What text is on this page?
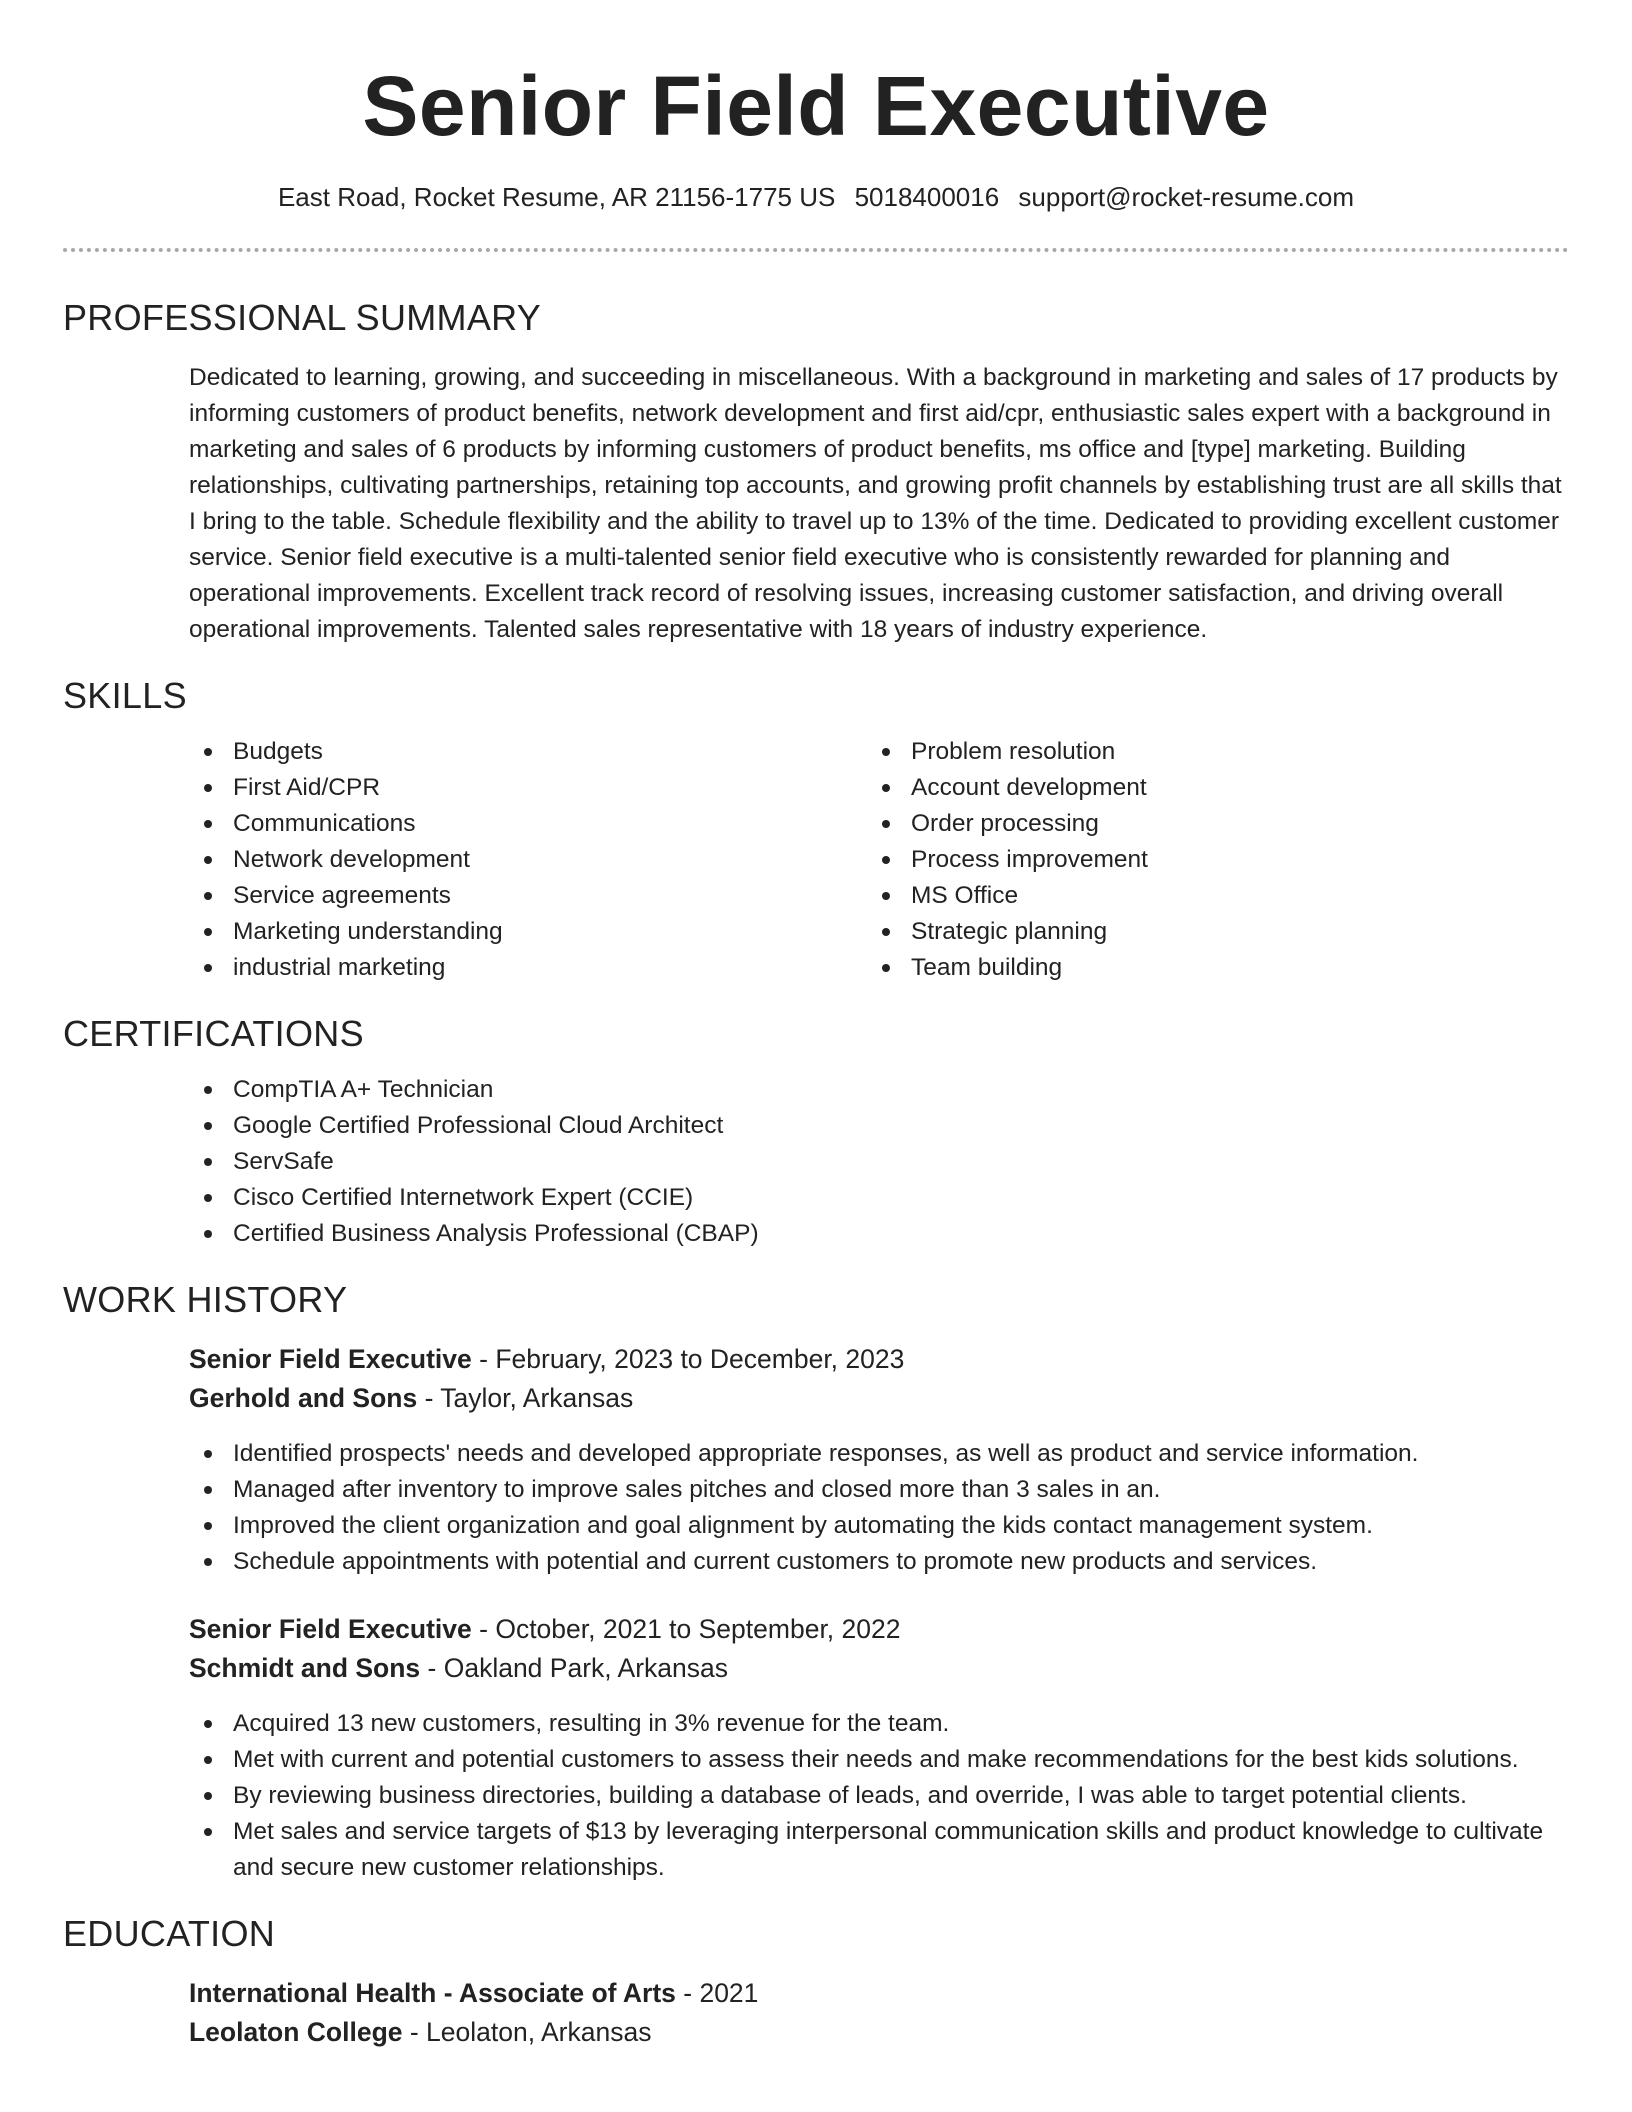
Senior Field Executive
East Road, Rocket Resume, AR 21156-1775 US 5018400016 support@rocket-resume.com
PROFESSIONAL SUMMARY
Dedicated to learning, growing, and succeeding in miscellaneous. With a background in marketing and sales of 17 products by informing customers of product benefits, network development and first aid/cpr, enthusiastic sales expert with a background in marketing and sales of 6 products by informing customers of product benefits, ms office and [type] marketing. Building relationships, cultivating partnerships, retaining top accounts, and growing profit channels by establishing trust are all skills that I bring to the table. Schedule flexibility and the ability to travel up to 13% of the time. Dedicated to providing excellent customer service. Senior field executive is a multi-talented senior field executive who is consistently rewarded for planning and operational improvements. Excellent track record of resolving issues, increasing customer satisfaction, and driving overall operational improvements. Talented sales representative with 18 years of industry experience.
SKILLS
Budgets
First Aid/CPR
Communications
Network development
Service agreements
Marketing understanding
industrial marketing
Problem resolution
Account development
Order processing
Process improvement
MS Office
Strategic planning
Team building
CERTIFICATIONS
CompTIA A+ Technician
Google Certified Professional Cloud Architect
ServSafe
Cisco Certified Internetwork Expert (CCIE)
Certified Business Analysis Professional (CBAP)
WORK HISTORY
Senior Field Executive - February, 2023 to December, 2023
Gerhold and Sons - Taylor, Arkansas
Identified prospects' needs and developed appropriate responses, as well as product and service information.
Managed after inventory to improve sales pitches and closed more than 3 sales in an.
Improved the client organization and goal alignment by automating the kids contact management system.
Schedule appointments with potential and current customers to promote new products and services.
Senior Field Executive - October, 2021 to September, 2022
Schmidt and Sons - Oakland Park, Arkansas
Acquired 13 new customers, resulting in 3% revenue for the team.
Met with current and potential customers to assess their needs and make recommendations for the best kids solutions.
By reviewing business directories, building a database of leads, and override, I was able to target potential clients.
Met sales and service targets of $13 by leveraging interpersonal communication skills and product knowledge to cultivate and secure new customer relationships.
EDUCATION
International Health - Associate of Arts - 2021
Leolaton College - Leolaton, Arkansas
